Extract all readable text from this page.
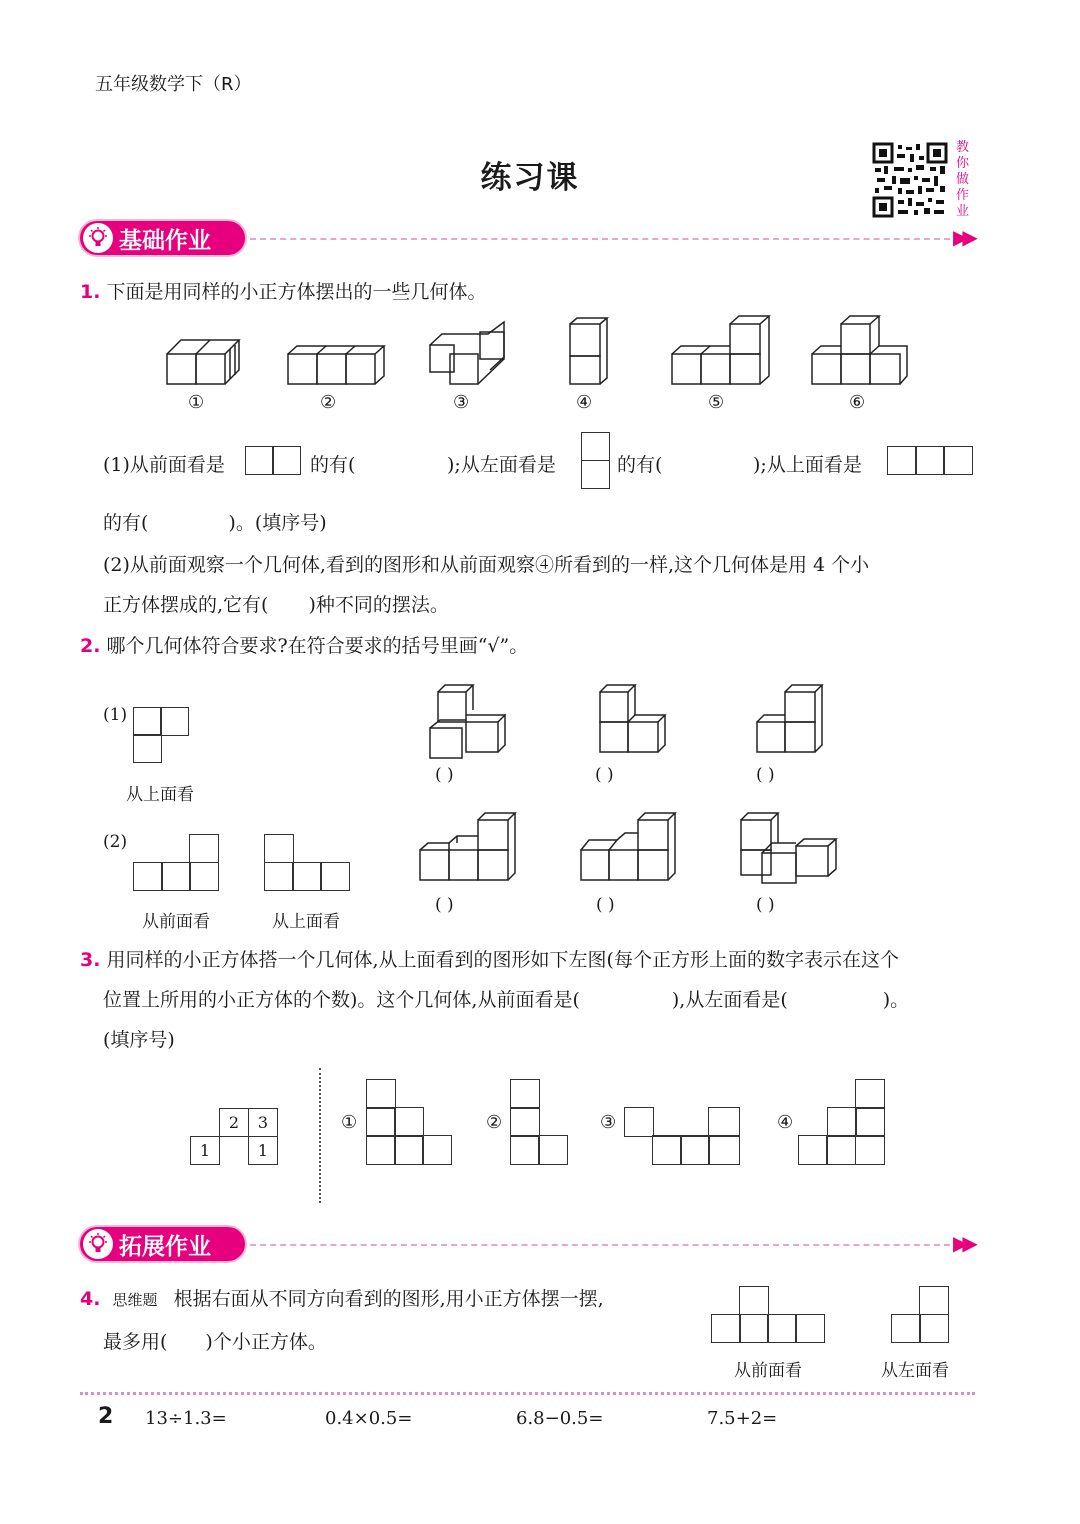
五年级数学下（R）
练习课
教
你
做
作
业
基础作业	▶▶
1. 下面是用同样的小正方体摆出的一些几何体。
①	②	③	④	⑤	⑥
(1)从前面看是	的有(	);从左面看是	的有(	);从上面看是
的有(	)。(填序号)
(2)从前面观察一个几何体,看到的图形和从前面观察④所看到的一样,这个几何体是用 4 个小
正方体摆成的,它有( )种不同的摆法。
2. 哪个几何体符合要求?在符合要求的括号里画“√”。
(1)
从上面看
( )	( )	( )
(2)
从前面看	从上面看
( )	( )	( )
3. 用同样的小正方体搭一个几何体,从上面看到的图形如下左图(每个正方形上面的数字表示在这个
位置上所用的小正方体的个数)。这个几何体,从前面看是(	),从左面看是(	)。
(填序号)
2	3
1	1
①	②	③	④
拓展作业	▶▶
4. 思维题 根据右面从不同方向看到的图形,用小正方体摆一摆,
最多用( )个小正方体。
从前面看	从左面看
2 13÷1.3=	0.4×0.5=	6.8−0.5=	7.5+2=
